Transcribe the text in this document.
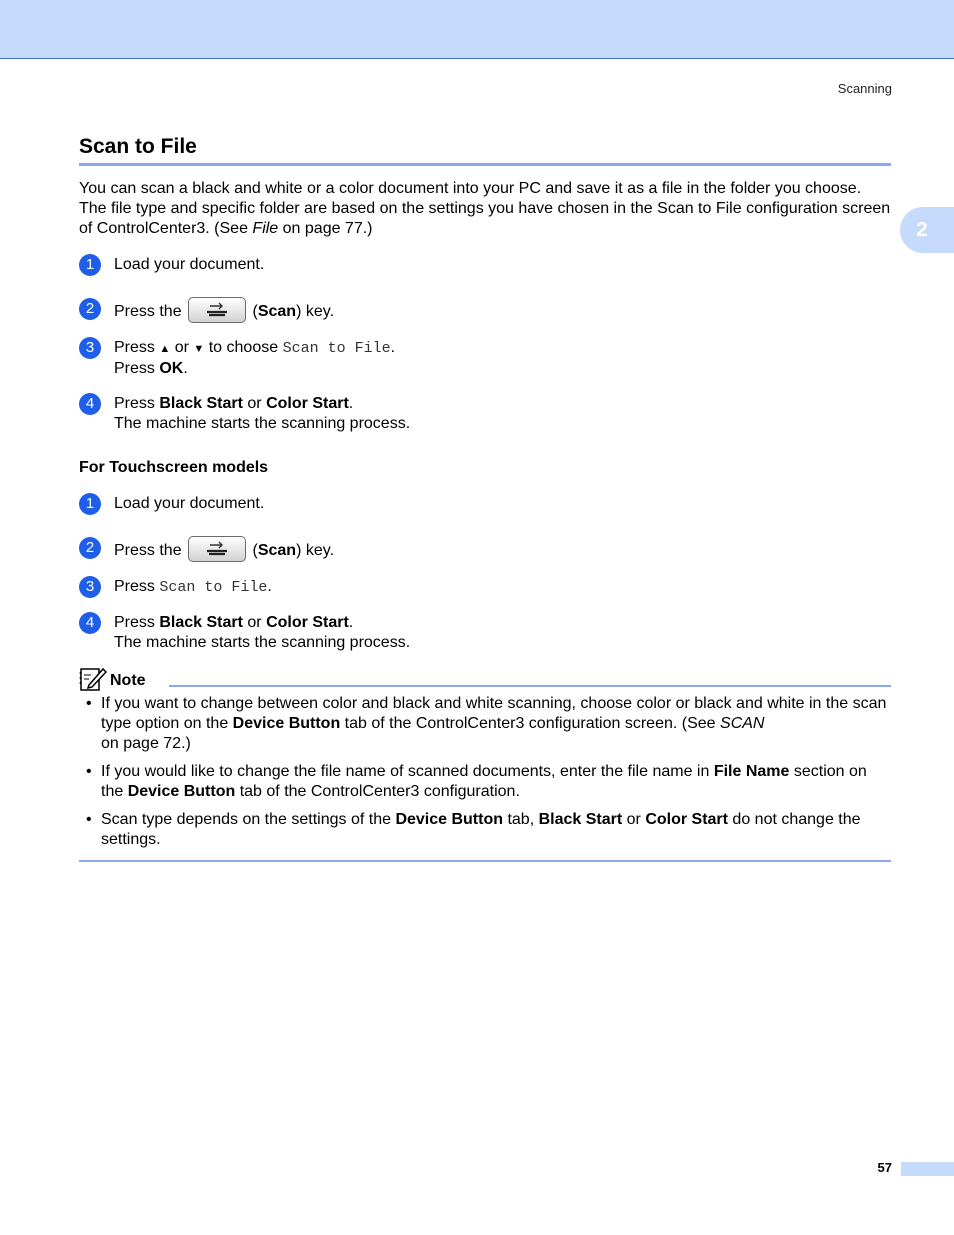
Scanning
2
Scan to File

You can scan a black and white or a color document into your PC and save it as a file in the folder you choose. The file type and specific folder are based on the settings you have chosen in the Scan to File configuration screen of ControlCenter3. (See File on page 77.)

1	Load your document.
2	Press the	(Scan) key.
3	Press ▲ or ▼ to choose Scan to File.
Press OK.
4	Press Black Start or Color Start.
The machine starts the scanning process.
For Touchscreen models
1	Load your document.
2	Press the	(Scan) key.
3	Press Scan to File.
4	Press Black Start or Color Start.
The machine starts the scanning process.
Note
• If you want to change between color and black and white scanning, choose color or black and white in the scan type option on the Device Button tab of the ControlCenter3 configuration screen. (See SCAN
on page 72.)
• If you would like to change the file name of scanned documents, enter the file name in File Name section on the Device Button tab of the ControlCenter3 configuration.
• Scan type depends on the settings of the Device Button tab, Black Start or Color Start do not change the settings.
57
